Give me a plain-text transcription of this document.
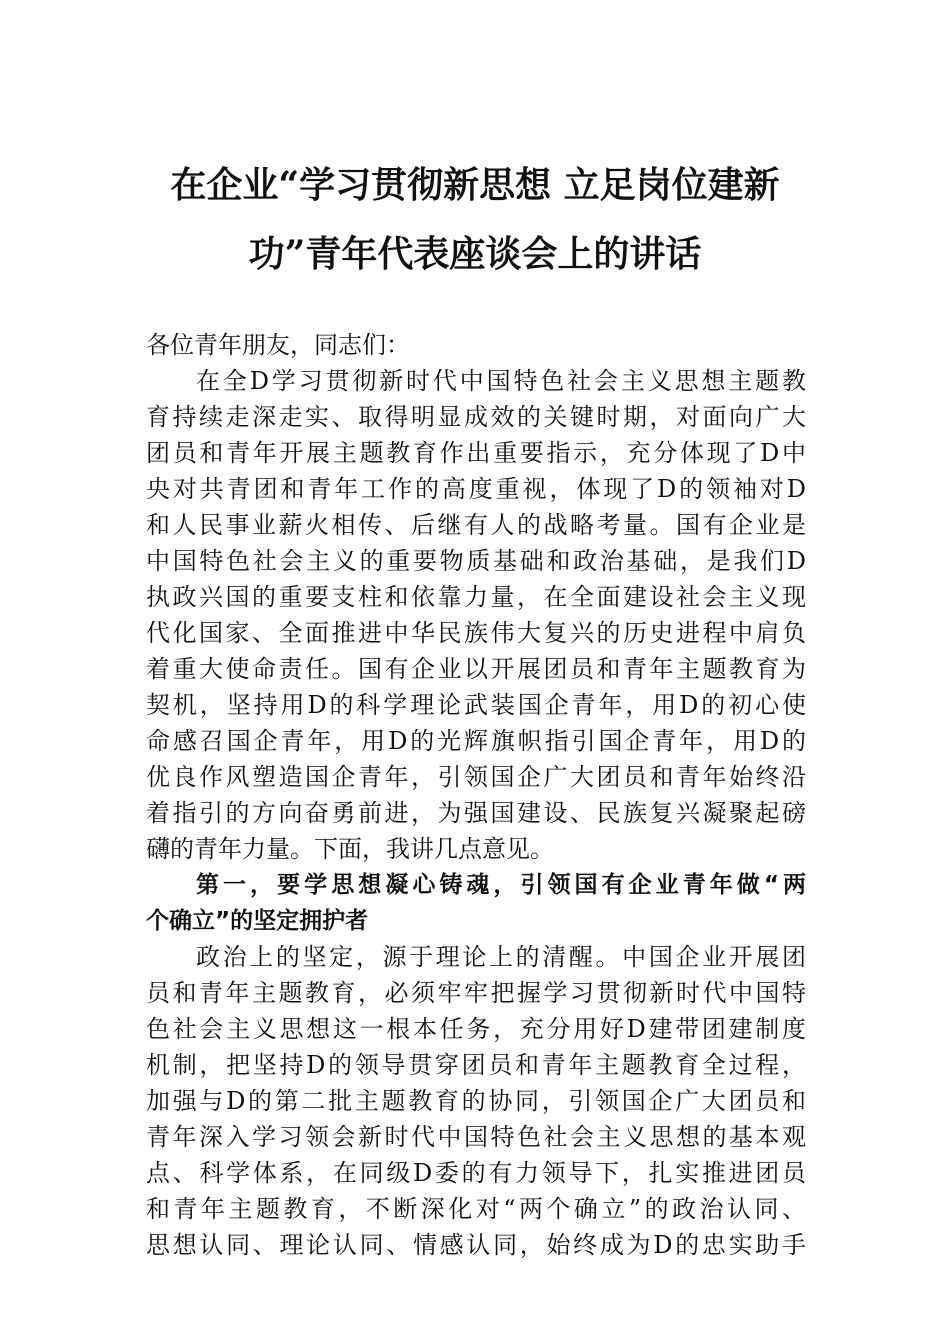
在企业“学习贯彻新思想 立足岗位建新
功”青年代表座谈会上的讲话
各位青年朋友，同志们：
在全D学习贯彻新时代中国特色社会主义思想主题教
育持续走深走实、取得明显成效的关键时期，对面向广大
团员和青年开展主题教育作出重要指示，充分体现了D中
央对共青团和青年工作的高度重视，体现了D的领袖对D
和人民事业薪火相传、后继有人的战略考量。国有企业是
中国特色社会主义的重要物质基础和政治基础，是我们D
执政兴国的重要支柱和依靠力量，在全面建设社会主义现
代化国家、全面推进中华民族伟大复兴的历史进程中肩负
着重大使命责任。国有企业以开展团员和青年主题教育为
契机，坚持用D的科学理论武装国企青年，用D的初心使
命感召国企青年，用D的光辉旗帜指引国企青年，用D的
优良作风塑造国企青年，引领国企广大团员和青年始终沿
着指引的方向奋勇前进，为强国建设、民族复兴凝聚起磅
礴的青年力量。下面，我讲几点意见。
第一，要学思想凝心铸魂，引领国有企业青年做“两
个确立”的坚定拥护者
政治上的坚定，源于理论上的清醒。中国企业开展团
员和青年主题教育，必须牢牢把握学习贯彻新时代中国特
色社会主义思想这一根本任务，充分用好D建带团建制度
机制，把坚持D的领导贯穿团员和青年主题教育全过程，
加强与D的第二批主题教育的协同，引领国企广大团员和
青年深入学习领会新时代中国特色社会主义思想的基本观
点、科学体系，在同级D委的有力领导下，扎实推进团员
和青年主题教育，不断深化对“两个确立”的政治认同、
思想认同、理论认同、情感认同，始终成为D的忠实助手
